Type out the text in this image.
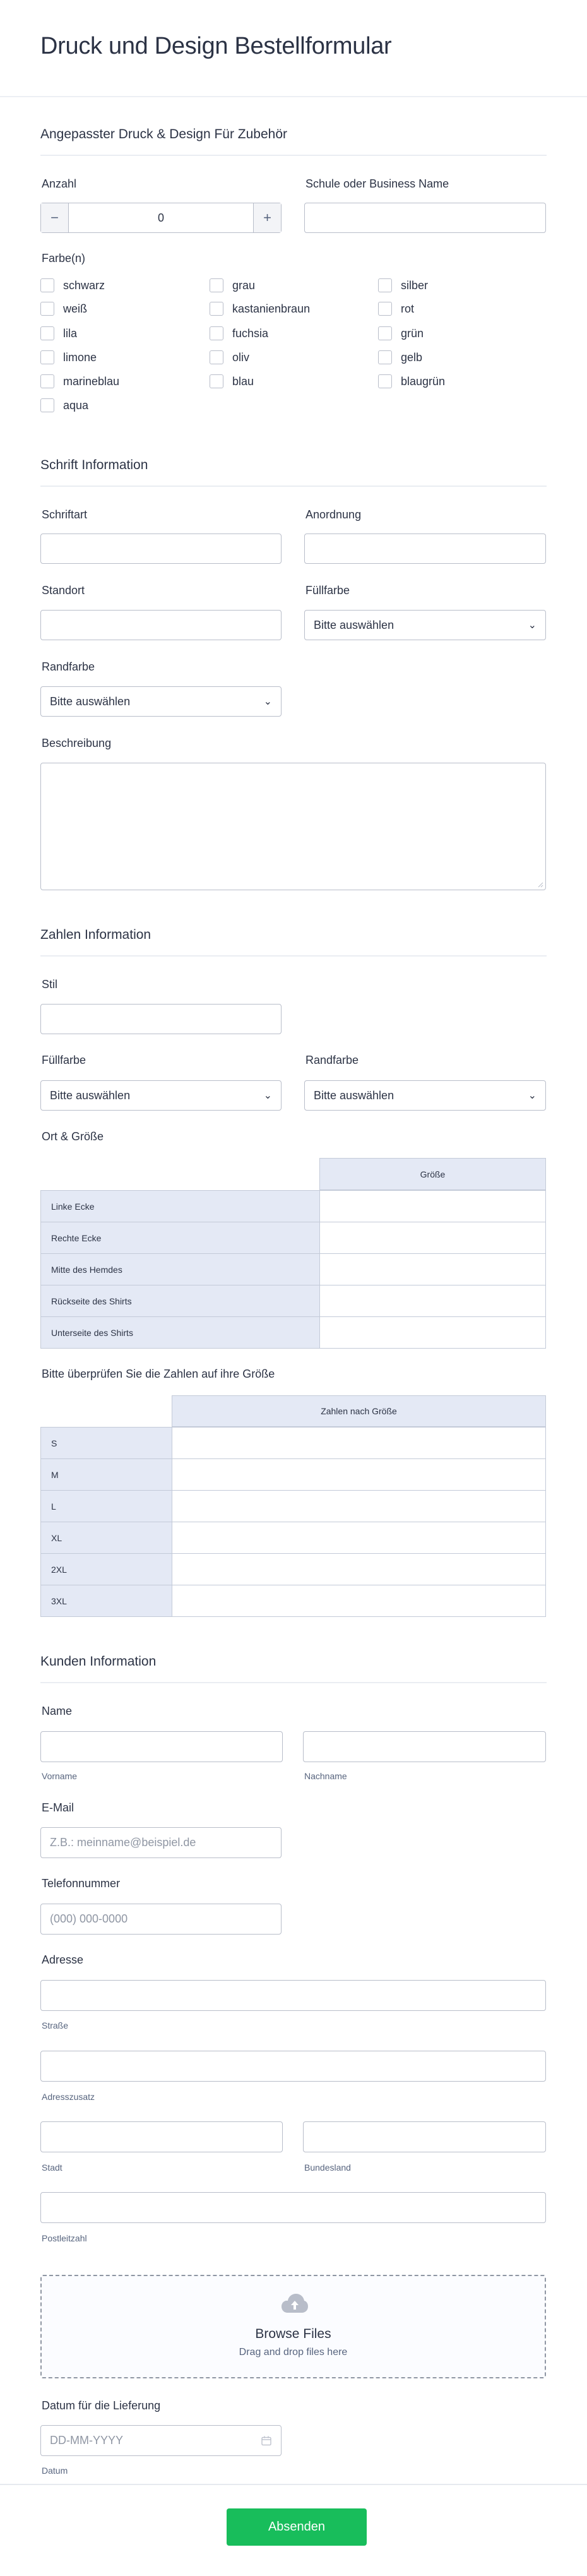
Druck und Design Bestellformular
Angepasster Druck & Design Für Zubehör
Anzahl
−	0	+
Schule oder Business Name
Farbe(n)
schwarz	grau	silber
weiß	kastanienbraun	rot
lila	fuchsia	grün
limone	oliv	gelb
marineblau	blau	blaugrün
aqua
Schrift Information
Schriftart	Anordnung
Standort	Füllfarbe
Bitte auswählen	⌄
Randfarbe
Bitte auswählen	⌄
Beschreibung
Zahlen Information
Stil
Füllfarbe
Bitte auswählen	⌄
Randfarbe
Bitte auswählen	⌄
Ort & Größe
Größe
Linke Ecke
Rechte Ecke
Mitte des Hemdes
Rückseite des Shirts
Unterseite des Shirts
Bitte überprüfen Sie die Zahlen auf ihre Größe
Zahlen nach Größe
S
M
L
XL
2XL
3XL
Kunden Information
Name
Vorname	Nachname
E-Mail
Z.B.: meinname@beispiel.de
Telefonnummer
(000) 000-0000
Adresse
Straße
Adresszusatz
Stadt	Bundesland
Postleitzahl
Browse Files
Drag and drop files here
Datum für die Lieferung
DD-MM-YYYY
Datum
Absenden
